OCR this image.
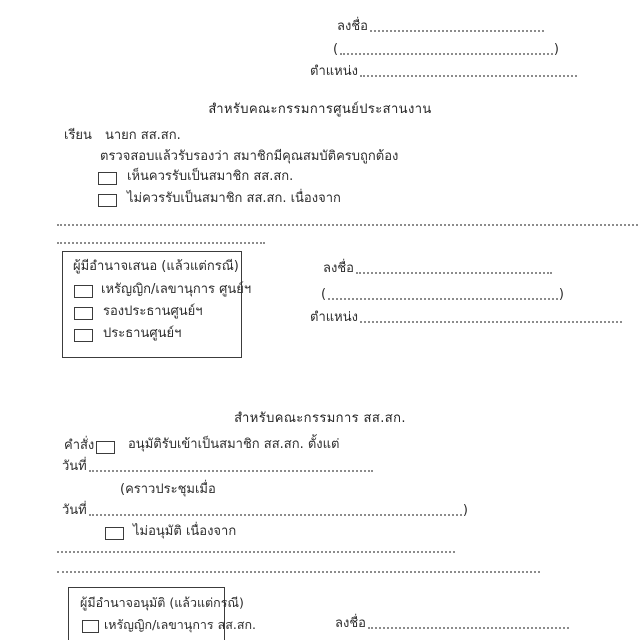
ลงชื่อ
(	)
ตำแหน่ง
สำหรับคณะกรรมการศูนย์ประสานงาน
เรียน นายก สส.สก.
ตรวจสอบแล้วรับรองว่า สมาชิกมีคุณสมบัติครบถูกต้อง
เห็นควรรับเป็นสมาชิก สส.สก.
ไม่ควรรับเป็นสมาชิก สส.สก. เนื่องจาก
ผู้มีอำนาจเสนอ (แล้วแต่กรณี)
เหรัญญิก/เลขานุการ ศูนย์ฯ
รองประธานศูนย์ฯ
ประธานศูนย์ฯ
ลงชื่อ
(	)
ตำแหน่ง
สำหรับคณะกรรมการ สส.สก.
คำสั่ง	อนุมัติรับเข้าเป็นสมาชิก สส.สก. ตั้งแต่
วันที่
(คราวประชุมเมื่อ
วันที่	)
ไม่อนุมัติ เนื่องจาก
ผู้มีอำนาจอนุมัติ (แล้วแต่กรณี)
เหรัญญิก/เลขานุการ สส.สก.	ลงชื่อ
